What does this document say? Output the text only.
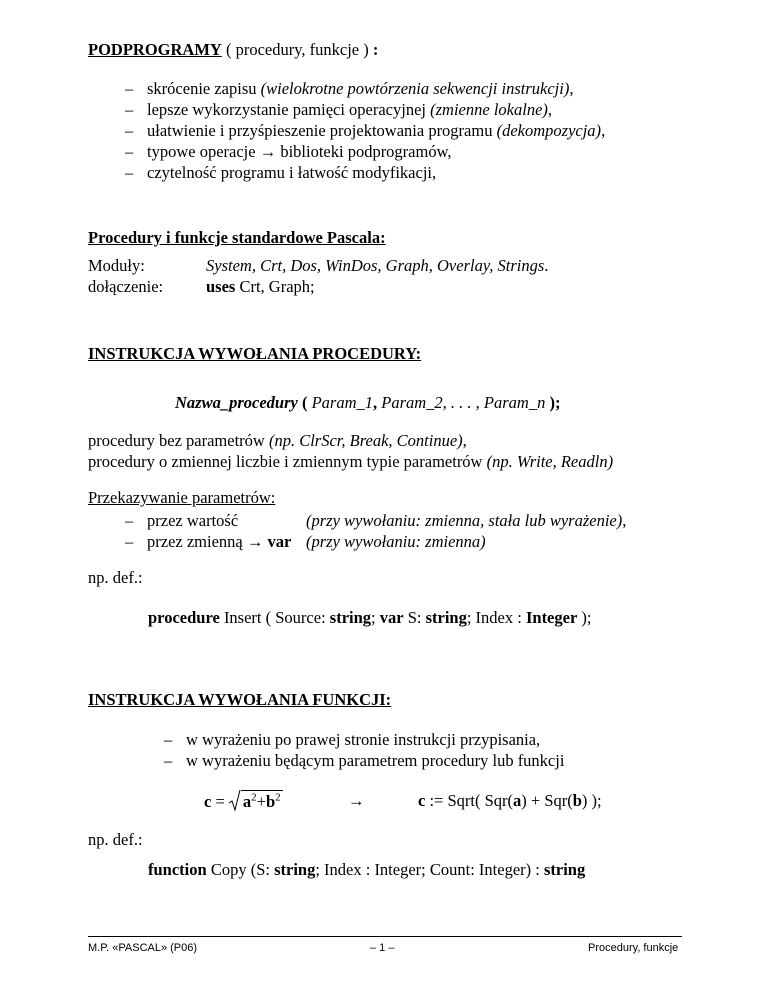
PODPROGRAMY ( procedury, funkcje ) :
– skrócenie zapisu (wielokrotne powtórzenia sekwencji instrukcji),
– lepsze wykorzystanie pamięci operacyjnej (zmienne lokalne),
– ułatwienie i przyśpieszenie projektowania programu (dekompozycja),
– typowe operacje → biblioteki podprogramów,
– czytelność programu i łatwość modyfikacji,
Procedury i funkcje standardowe Pascala:
Moduły:	System, Crt, Dos, WinDos, Graph, Overlay, Strings.
dołączenie:	uses Crt, Graph;
INSTRUKCJA WYWOŁANIA PROCEDURY:
Nazwa_procedury ( Param_1, Param_2, . . . , Param_n );
procedury bez parametrów (np. ClrScr, Break, Continue),
procedury o zmiennej liczbie i zmiennym typie parametrów (np. Write, Readln)
Przekazywanie parametrów:
– przez wartość	(przy wywołaniu: zmienna, stała lub wyrażenie),
– przez zmienną → var (przy wywołaniu: zmienna)
np. def.:
procedure Insert ( Source: string; var S: string; Index : Integer );
INSTRUKCJA WYWOŁANIA FUNKCJI:
– w wyrażeniu po prawej stronie instrukcji przypisania,
– w wyrażeniu będącym parametrem procedury lub funkcji
$c = a^2+b^2$	→	c := Sqrt( Sqr(a) + Sqr(b) );
np. def.:
function Copy (S: string; Index : Integer; Count: Integer) : string
M.P. «PASCAL» (P06)	– 1 –	Procedury, funkcje
